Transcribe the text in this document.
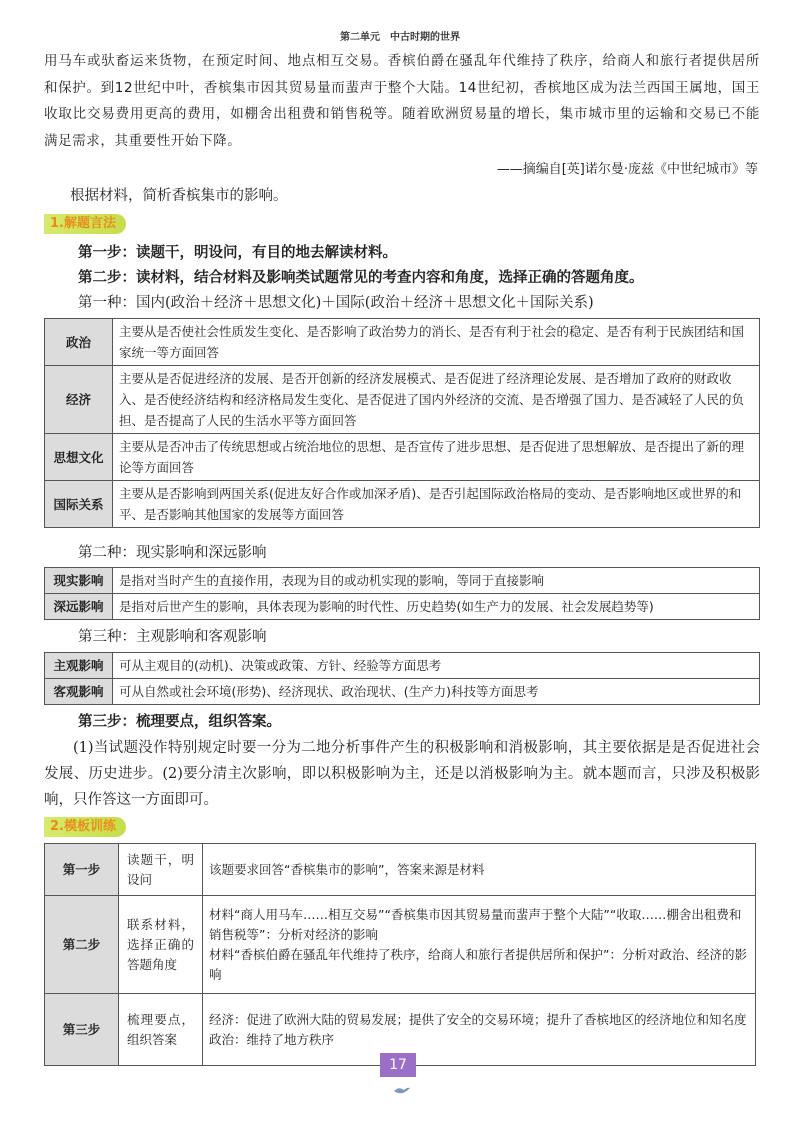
第二单元　中古时期的世界
用马车或驮畜运来货物，在预定时间、地点相互交易。香槟伯爵在骚乱年代维持了秩序，给商人和旅行者提供居所和保护。到12世纪中叶，香槟集市因其贸易量而蜚声于整个大陆。14世纪初，香槟地区成为法兰西国王属地，国王收取比交易费用更高的费用，如棚舍出租费和销售税等。随着欧洲贸易量的增长，集市城市里的运输和交易已不能满足需求，其重要性开始下降。
——摘编自[英]诺尔曼·庞兹《中世纪城市》等
根据材料，简析香槟集市的影响。
1.解题言法
第一步：读题干，明设问，有目的地去解读材料。
第二步：读材料，结合材料及影响类试题常见的考查内容和角度，选择正确的答题角度。
第一种：国内(政治＋经济＋思想文化)＋国际(政治＋经济＋思想文化＋国际关系)
政治	主要从是否使社会性质发生变化、是否影响了政治势力的消长、是否有利于社会的稳定、是否有利于民族团结和国家统一等方面回答
经济	主要从是否促进经济的发展、是否开创新的经济发展模式、是否促进了经济理论发展、是否增加了政府的财政收入、是否使经济结构和经济格局发生变化、是否促进了国内外经济的交流、是否增强了国力、是否减轻了人民的负担、是否提高了人民的生活水平等方面回答
思想文化	主要从是否冲击了传统思想或占统治地位的思想、是否宣传了进步思想、是否促进了思想解放、是否提出了新的理论等方面回答
国际关系	主要从是否影响到两国关系(促进友好合作或加深矛盾)、是否引起国际政治格局的变动、是否影响地区或世界的和平、是否影响其他国家的发展等方面回答
第二种：现实影响和深远影响
现实影响	是指对当时产生的直接作用，表现为目的或动机实现的影响，等同于直接影响
深远影响	是指对后世产生的影响，具体表现为影响的时代性、历史趋势(如生产力的发展、社会发展趋势等)
第三种：主观影响和客观影响
主观影响	可从主观目的(动机)、决策或政策、方针、经验等方面思考
客观影响	可从自然或社会环境(形势)、经济现状、政治现状、(生产力)科技等方面思考
第三步：梳理要点，组织答案。
(1)当试题没作特别规定时要一分为二地分析事件产生的积极影响和消极影响，其主要依据是是否促进社会发展、历史进步。(2)要分清主次影响，即以积极影响为主，还是以消极影响为主。就本题而言，只涉及积极影响，只作答这一方面即可。
2.模板训练
第一步	读题干，明设问	该题要求回答“香槟集市的影响”，答案来源是材料
第二步	联系材料，选择正确的答题角度	材料“商人用马车……相互交易”“香槟集市因其贸易量而蜚声于整个大陆”“收取……棚舍出租费和销售税等”：分析对经济的影响
材料“香槟伯爵在骚乱年代维持了秩序，给商人和旅行者提供居所和保护”：分析对政治、经济的影响

第三步	梳理要点，组织答案	经济：促进了欧洲大陆的贸易发展；提供了安全的交易环境；提升了香槟地区的经济地位和知名度
政治：维持了地方秩序
17
